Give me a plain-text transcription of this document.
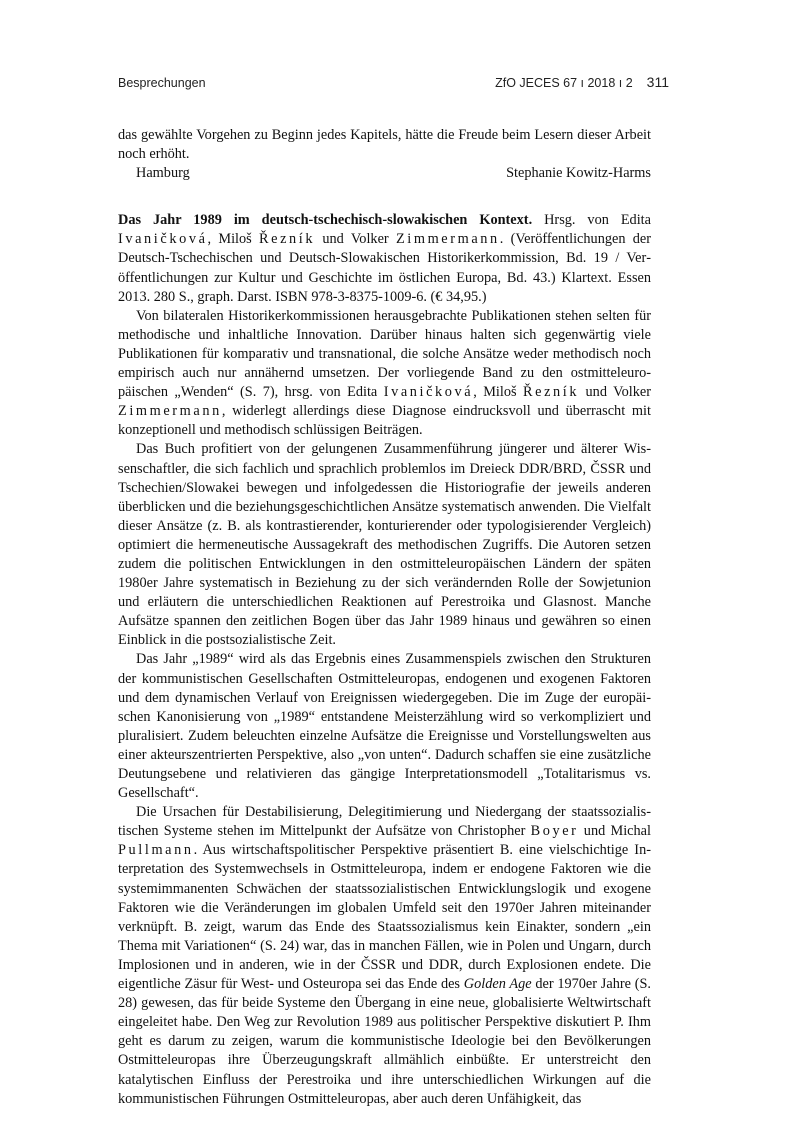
Besprechungen	ZfO JECES 67 ı 2018 ı 2 311

das gewählte Vorgehen zu Beginn jedes Kapitels, hätte die Freude beim Lesern dieser Arbeit noch erhöht.

Hamburg	Stephanie Kowitz-Harms

Das Jahr 1989 im deutsch-tschechisch-slowakischen Kontext. Hrsg. von Edita Ivaničková, Miloš Řezník und Volker Zimmermann. (Veröffentlichungen der Deutsch-Tschechischen und Deutsch-Slowakischen Historikerkommission, Bd. 19 / Veröffentlichungen zur Kultur und Geschichte im östlichen Europa, Bd. 43.) Klartext. Essen 2013. 280 S., graph. Darst. ISBN 978-3-8375-1009-6. (€ 34,95.)

Von bilateralen Historikerkommissionen herausgebrachte Publikationen stehen selten für methodische und inhaltliche Innovation. Darüber hinaus halten sich gegenwärtig viele Publikationen für komparativ und transnational, die solche Ansätze weder methodisch noch empirisch auch nur annähernd umsetzen. Der vorliegende Band zu den ostmitteleuropäischen „Wenden“ (S. 7), hrsg. von Edita Ivaničková, Miloš Řezník und Volker Zimmermann, widerlegt allerdings diese Diagnose eindrucksvoll und überrascht mit konzeptionell und methodisch schlüssigen Beiträgen.

Das Buch profitiert von der gelungenen Zusammenführung jüngerer und älterer Wissenschaftler, die sich fachlich und sprachlich problemlos im Dreieck DDR/BRD, ČSSR und Tschechien/Slowakei bewegen und infolgedessen die Historiografie der jeweils anderen überblicken und die beziehungsgeschichtlichen Ansätze systematisch anwenden. Die Vielfalt dieser Ansätze (z. B. als kontrastierender, konturierender oder typologisierender Vergleich) optimiert die hermeneutische Aussagekraft des methodischen Zugriffs. Die Autoren setzen zudem die politischen Entwicklungen in den ostmitteleuropäischen Ländern der späten 1980er Jahre systematisch in Beziehung zu der sich verändernden Rolle der Sowjetunion und erläutern die unterschiedlichen Reaktionen auf Perestroika und Glasnost. Manche Aufsätze spannen den zeitlichen Bogen über das Jahr 1989 hinaus und gewähren so einen Einblick in die postsozialistische Zeit.

Das Jahr „1989“ wird als das Ergebnis eines Zusammenspiels zwischen den Strukturen der kommunistischen Gesellschaften Ostmitteleuropas, endogenen und exogenen Faktoren und dem dynamischen Verlauf von Ereignissen wiedergegeben. Die im Zuge der europäischen Kanonisierung von „1989“ entstandene Meisterzählung wird so verkompliziert und pluralisiert. Zudem beleuchten einzelne Aufsätze die Ereignisse und Vorstellungswelten aus einer akteurszentrierten Perspektive, also „von unten“. Dadurch schaffen sie eine zusätzliche Deutungsebene und relativieren das gängige Interpretationsmodell „Totalitarismus vs. Gesellschaft“.

Die Ursachen für Destabilisierung, Delegitimierung und Niedergang der staatssozialistischen Systeme stehen im Mittelpunkt der Aufsätze von Christopher Boyer und Michal Pullmann. Aus wirtschaftspolitischer Perspektive präsentiert B. eine vielschichtige Interpretation des Systemwechsels in Ostmitteleuropa, indem er endogene Faktoren wie die systemimmanenten Schwächen der staatssozialistischen Entwicklungslogik und exogene Faktoren wie die Veränderungen im globalen Umfeld seit den 1970er Jahren miteinander verknüpft. B. zeigt, warum das Ende des Staatssozialismus kein Einakter, sondern „ein Thema mit Variationen“ (S. 24) war, das in manchen Fällen, wie in Polen und Ungarn, durch Implosionen und in anderen, wie in der ČSSR und DDR, durch Explosionen endete. Die eigentliche Zäsur für West- und Osteuropa sei das Ende des Golden Age der 1970er Jahre (S. 28) gewesen, das für beide Systeme den Übergang in eine neue, globalisierte Weltwirtschaft eingeleitet habe. Den Weg zur Revolution 1989 aus politischer Perspektive diskutiert P. Ihm geht es darum zu zeigen, warum die kommunistische Ideologie bei den Bevölkerungen Ostmitteleuropas ihre Überzeugungskraft allmählich einbüßte. Er unterstreicht den katalytischen Einfluss der Perestroika und ihre unterschiedlichen Wirkungen auf die kommunistischen Führungen Ostmitteleuropas, aber auch deren Unfähigkeit, das
